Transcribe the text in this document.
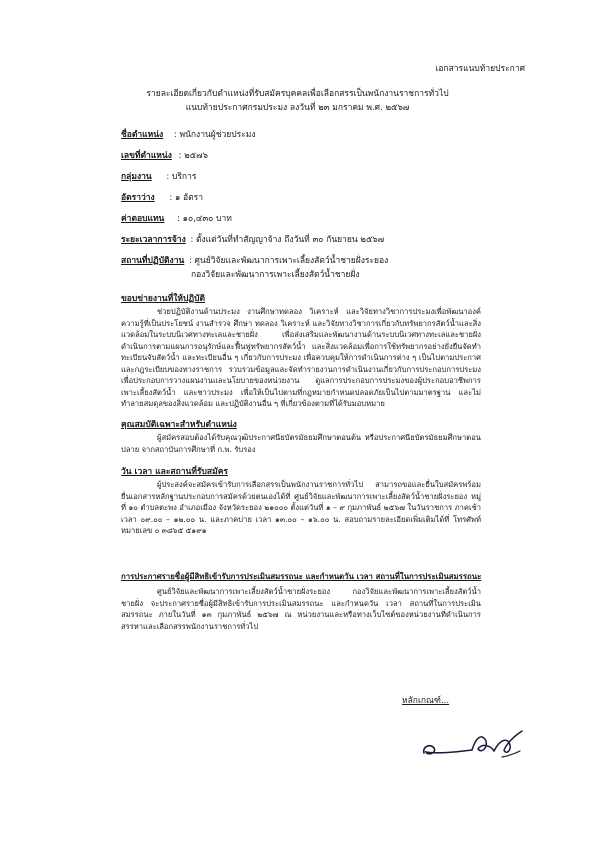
เอกสารแนบท้ายประกาศ
รายละเอียดเกี่ยวกับตำแหน่งที่รับสมัครบุคคลเพื่อเลือกสรรเป็นพนักงานราชการทั่วไป
แนบท้ายประกาศกรมประมง ลงวันที่ ๒๓ มกราคม พ.ศ. ๒๕๖๗
ชื่อตำแหน่ง : พนักงานผู้ช่วยประมง
เลขที่ตำแหน่ง : ๒๕๗๖
กลุ่มงาน : บริการ
อัตราว่าง : ๑ อัตรา
ค่าตอบแทน : ๑๐,๔๓๐ บาท
ระยะเวลาการจ้าง : ตั้งแต่วันที่ทำสัญญาจ้าง ถึงวันที่ ๓๐ กันยายน ๒๕๖๗
สถานที่ปฏิบัติงาน : ศูนย์วิจัยและพัฒนาการเพาะเลี้ยงสัตว์น้ำชายฝั่งระยอง
กองวิจัยและพัฒนาการเพาะเลี้ยงสัตว์น้ำชายฝั่ง
ขอบข่ายงานที่ให้ปฏิบัติ
ช่วยปฏิบัติงานด้านประมง งานศึกษาทดลอง วิเคราะห์ และวิจัยทางวิชาการประมงเพื่อพัฒนาองค์ความรู้ที่เป็นประโยชน์ งานสำรวจ ศึกษา ทดลอง วิเคราะห์ และวิจัยทางวิชาการเกี่ยวกับทรัพยากรสัตว์น้ำและสิ่งแวดล้อมในระบบนิเวศทางทะเลและชายฝั่ง เพื่อส่งเสริมและพัฒนางานด้านระบบนิเวศทางทะเลและชายฝั่ง ดำเนินการตามแผนการอนุรักษ์และฟื้นฟูทรัพยากรสัตว์น้ำ และสิ่งแวดล้อมเพื่อการใช้ทรัพยากรอย่างยั่งยืนจัดทำทะเบียนจับสัตว์น้ำ และทะเบียนอื่น ๆ เกี่ยวกับการประมง เพื่อควบคุมให้การดำเนินการต่าง ๆ เป็นไปตามประกาศและกฎระเบียบของทางราชการ รวบรวมข้อมูลและจัดทำรายงานการดำเนินงานเกี่ยวกับการประกอบการประมงเพื่อประกอบการวางแผนงานและนโยบายของหน่วยงาน ดูแลการประกอบการประมงของผู้ประกอบอาชีพการเพาะเลี้ยงสัตว์น้ำ และชาวประมง เพื่อให้เป็นไปตามที่กฎหมายกำหนดปลอดภัยเป็นไปตามมาตรฐาน และไม่ทำลายสมดุลของสิ่งแวดล้อม และปฏิบัติงานอื่น ๆ ที่เกี่ยวข้องตามที่ได้รับมอบหมาย
คุณสมบัติเฉพาะสำหรับตำแหน่ง
ผู้สมัครสอบต้องได้รับคุณวุฒิประกาศนียบัตรมัธยมศึกษาตอนต้น หรือประกาศนียบัตรมัธยมศึกษาตอนปลาย จากสถาบันการศึกษาที่ ก.พ. รับรอง
วัน เวลา และสถานที่รับสมัคร
ผู้ประสงค์จะสมัครเข้ารับการเลือกสรรเป็นพนักงานราชการทั่วไป สามารถขอและยื่นใบสมัครพร้อมยื่นเอกสารหลักฐานประกอบการสมัครด้วยตนเองได้ที่ ศูนย์วิจัยและพัฒนาการเพาะเลี้ยงสัตว์น้ำชายฝั่งระยอง หมู่ที่ ๑๐ ตำบลตะพง อำเภอเมือง จังหวัดระยอง ๒๑๐๐๐ ตั้งแต่วันที่ ๑ – ๙ กุมภาพันธ์ ๒๕๖๗ ในวันราชการ ภาคเช้า เวลา ๐๙.๐๐ – ๑๒.๐๐ น. และภาคบ่าย เวลา ๑๓.๐๐ – ๑๖.๐๐ น. สอบถามรายละเอียดเพิ่มเติมได้ที่ โทรศัพท์หมายเลข ๐ ๓๘๖๕ ๕๑๙๑
การประกาศรายชื่อผู้มีสิทธิเข้ารับการประเมินสมรรถนะ และกำหนดวัน เวลา สถานที่ในการประเมินสมรรถนะ
ศูนย์วิจัยและพัฒนาการเพาะเลี้ยงสัตว์น้ำชายฝั่งระยอง กองวิจัยและพัฒนาการเพาะเลี้ยงสัตว์น้ำชายฝั่ง จะประกาศรายชื่อผู้มีสิทธิเข้ารับการประเมินสมรรถนะ และกำหนดวัน เวลา สถานที่ในการประเมินสมรรถนะ ภายในวันที่ ๑๓ กุมภาพันธ์ ๒๕๖๗ ณ หน่วยงานและหรือทางเว็บไซต์ของหน่วยงานที่ดำเนินการสรรหาและเลือกสรรพนักงานราชการทั่วไป
หลักเกณฑ์...
